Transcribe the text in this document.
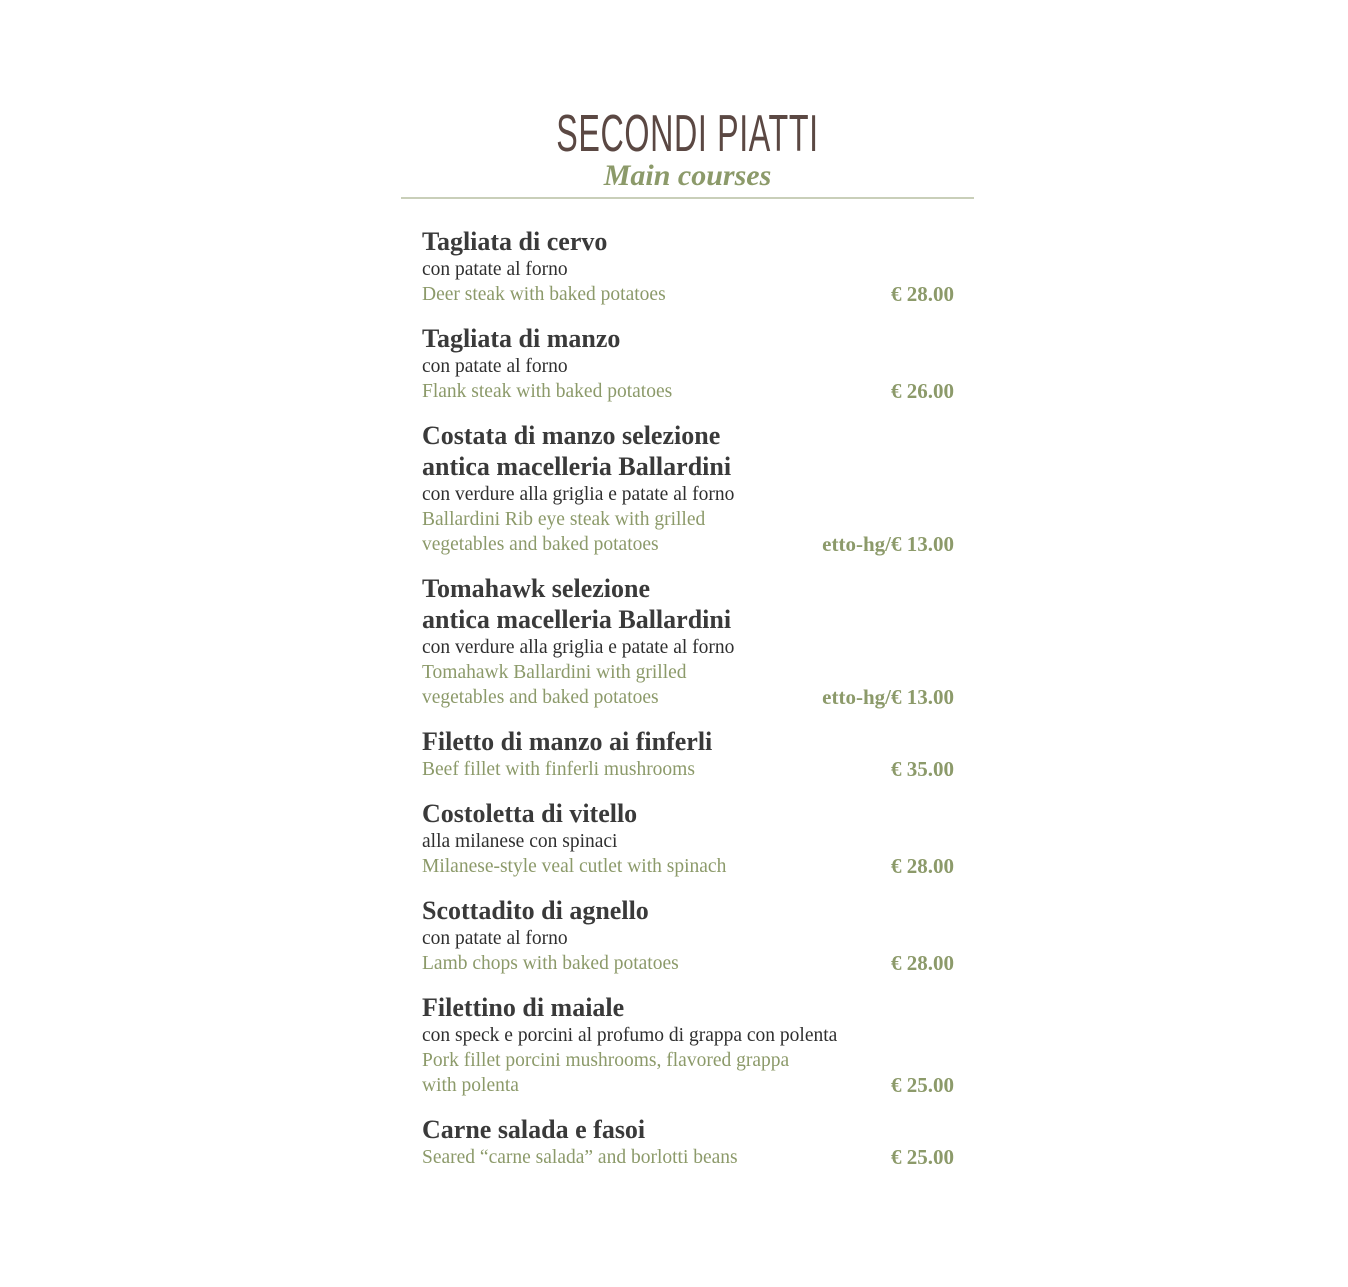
SECONDI PIATTI
Main courses
Tagliata di cervo
con patate al forno
Deer steak with baked potatoes	€ 28.00
Tagliata di manzo
con patate al forno
Flank steak with baked potatoes	€ 26.00
Costata di manzo selezione
antica macelleria Ballardini
con verdure alla griglia e patate al forno
Ballardini Rib eye steak with grilled
vegetables and baked potatoes	etto-hg/€ 13.00
Tomahawk selezione
antica macelleria Ballardini
con verdure alla griglia e patate al forno
Tomahawk Ballardini with grilled
vegetables and baked potatoes	etto-hg/€ 13.00
Filetto di manzo ai finferli
Beef fillet with finferli mushrooms	€ 35.00
Costoletta di vitello
alla milanese con spinaci
Milanese-style veal cutlet with spinach	€ 28.00
Scottadito di agnello
con patate al forno
Lamb chops with baked potatoes	€ 28.00
Filettino di maiale
con speck e porcini al profumo di grappa con polenta
Pork fillet porcini mushrooms, flavored grappa
with polenta	€ 25.00
Carne salada e fasoi
Seared “carne salada” and borlotti beans	€ 25.00
